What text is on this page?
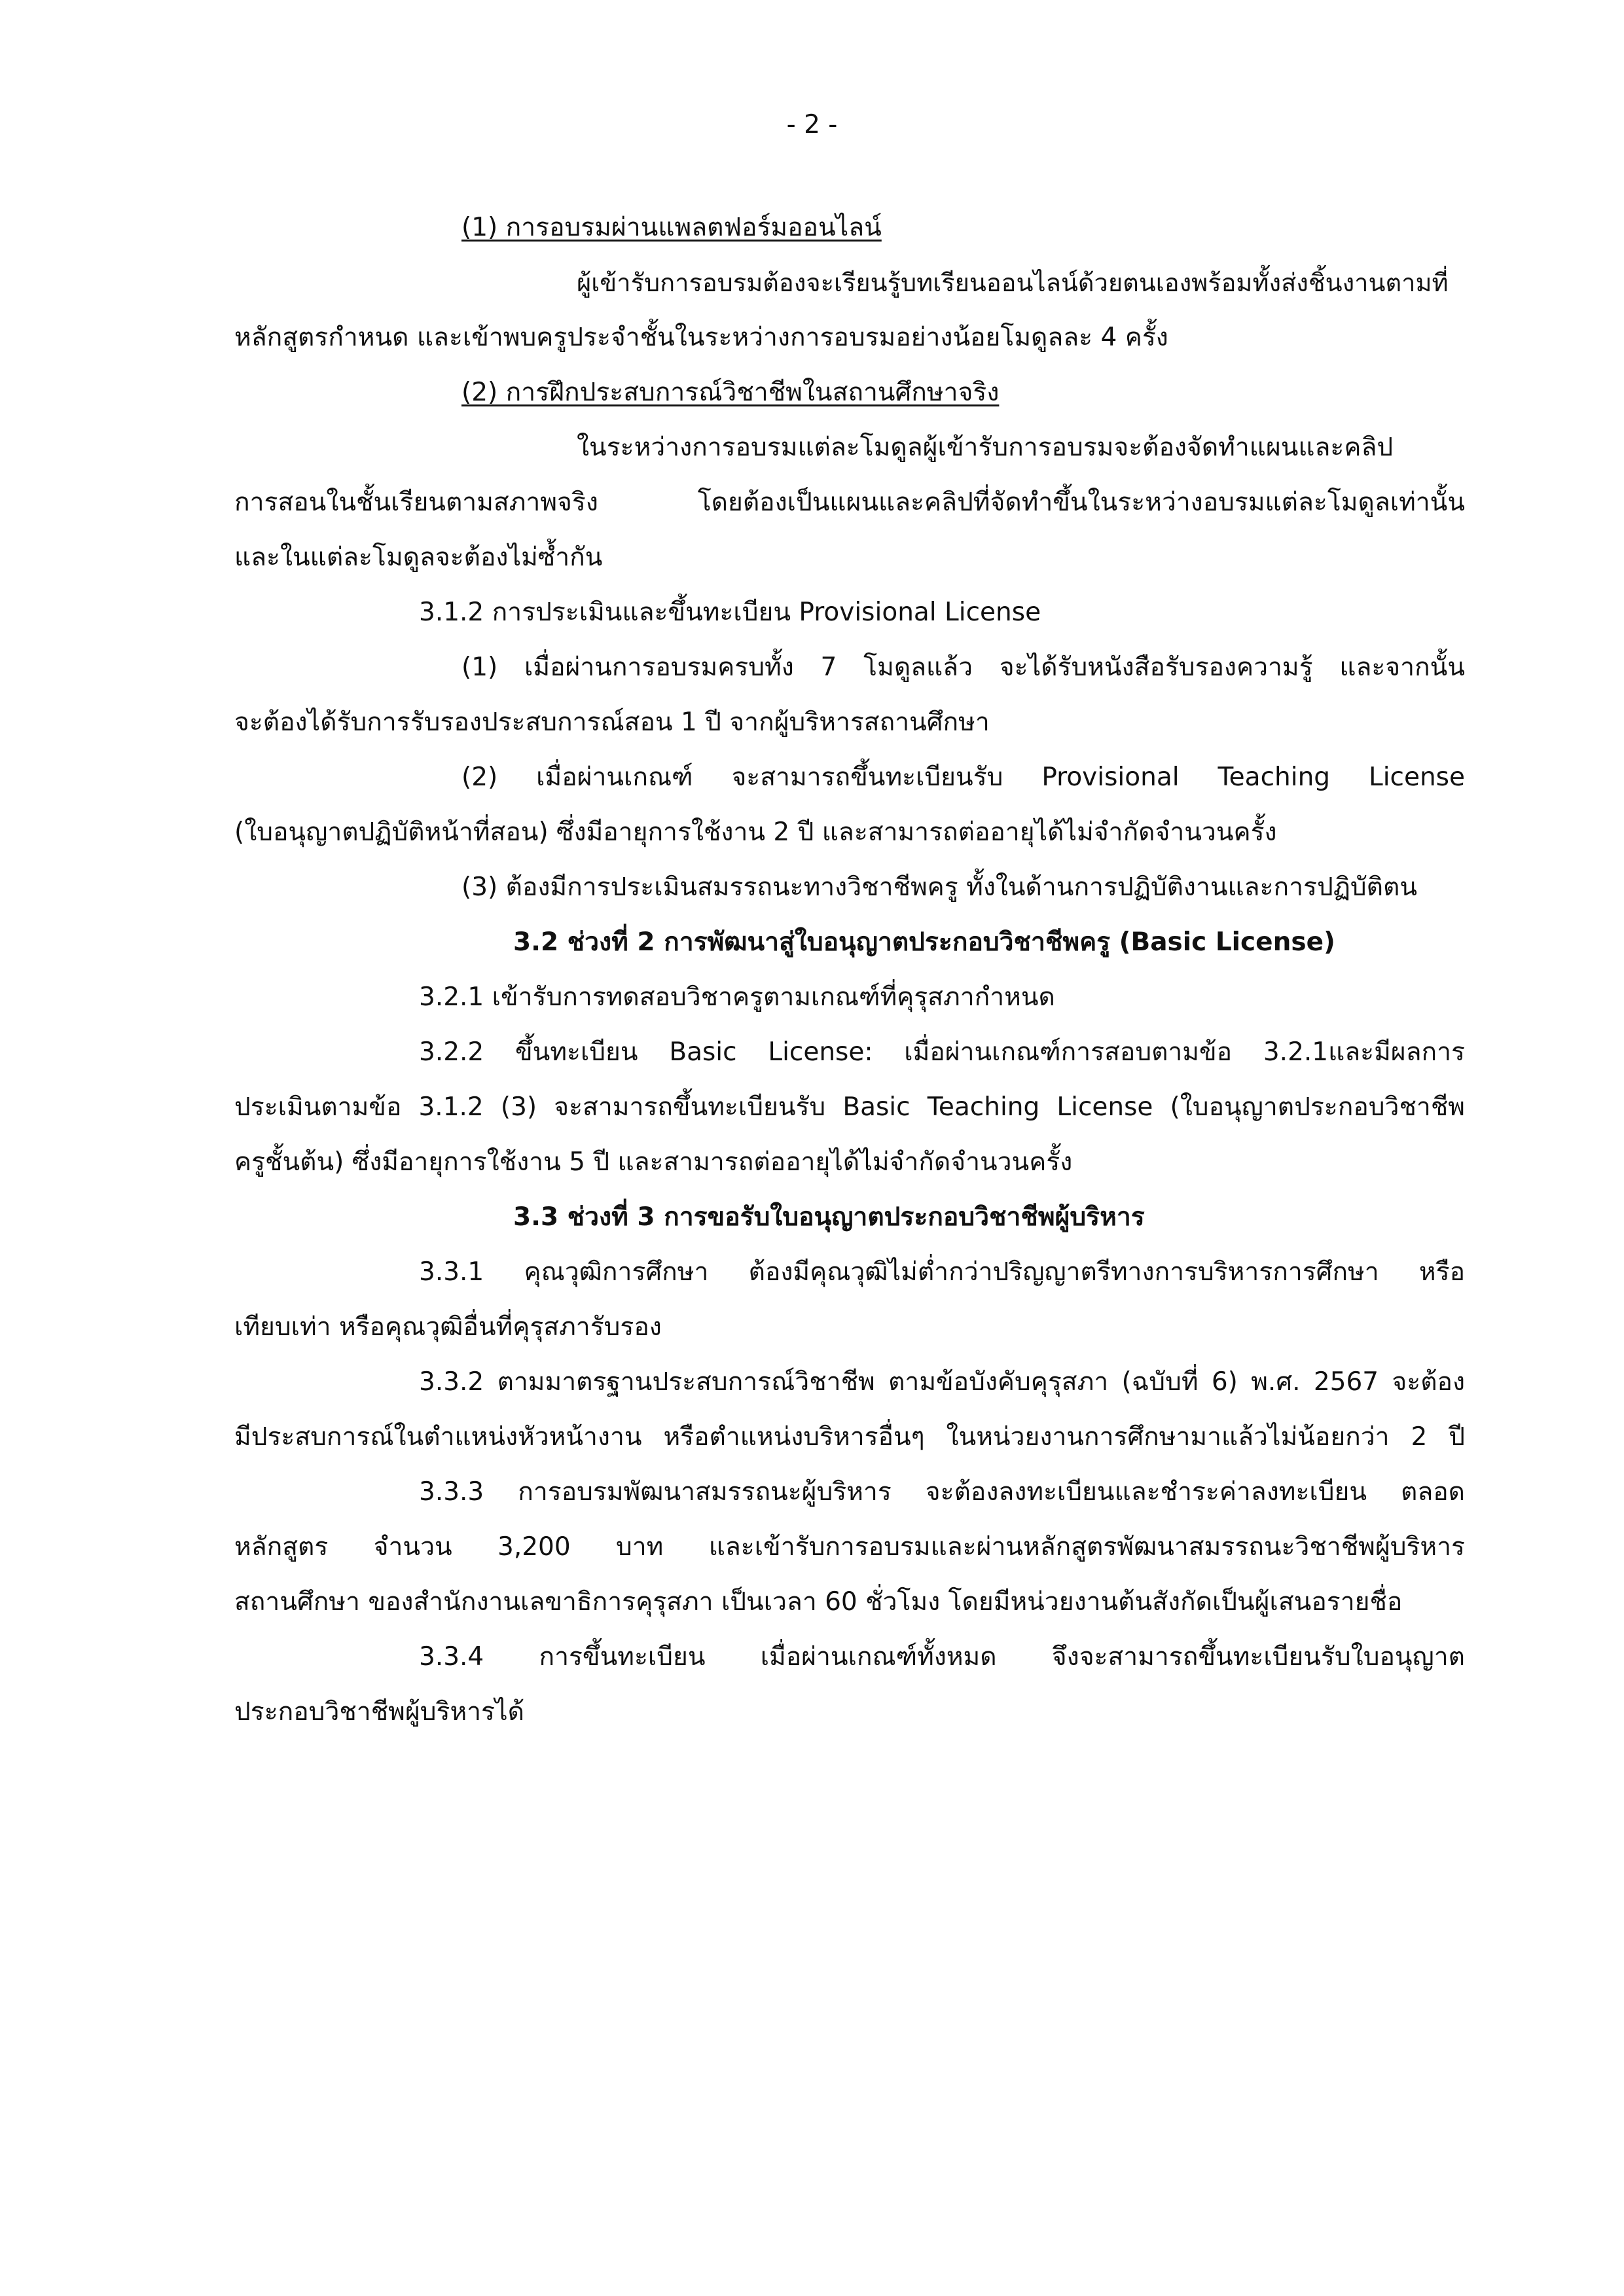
- 2 -
(1) การอบรมผ่านแพลตฟอร์มออนไลน์
ผู้เข้ารับการอบรมต้องจะเรียนรู้บทเรียนออนไลน์ด้วยตนเองพร้อมทั้งส่งชิ้นงานตามที่
หลักสูตรกำหนด และเข้าพบครูประจำชั้นในระหว่างการอบรมอย่างน้อยโมดูลละ 4 ครั้ง
(2) การฝึกประสบการณ์วิชาชีพในสถานศึกษาจริง
ในระหว่างการอบรมแต่ละโมดูลผู้เข้ารับการอบรมจะต้องจัดทำแผนและคลิป
การสอนในชั้นเรียนตามสภาพจริง โดยต้องเป็นแผนและคลิปที่จัดทำขึ้นในระหว่างอบรมแต่ละโมดูลเท่านั้น
และในแต่ละโมดูลจะต้องไม่ซ้ำกัน
3.1.2 การประเมินและขึ้นทะเบียน Provisional License
(1) เมื่อผ่านการอบรมครบทั้ง 7 โมดูลแล้ว จะได้รับหนังสือรับรองความรู้ และจากนั้น
จะต้องได้รับการรับรองประสบการณ์สอน 1 ปี จากผู้บริหารสถานศึกษา
(2) เมื่อผ่านเกณฑ์ จะสามารถขึ้นทะเบียนรับ Provisional Teaching License
(ใบอนุญาตปฏิบัติหน้าที่สอน) ซึ่งมีอายุการใช้งาน 2 ปี และสามารถต่ออายุได้ไม่จำกัดจำนวนครั้ง
(3) ต้องมีการประเมินสมรรถนะทางวิชาชีพครู ทั้งในด้านการปฏิบัติงานและการปฏิบัติตน
3.2 ช่วงที่ 2 การพัฒนาสู่ใบอนุญาตประกอบวิชาชีพครู (Basic License)
3.2.1 เข้ารับการทดสอบวิชาครูตามเกณฑ์ที่คุรุสภากำหนด
3.2.2 ขึ้นทะเบียน Basic License: เมื่อผ่านเกณฑ์การสอบตามข้อ 3.2.1และมีผลการ
ประเมินตามข้อ 3.1.2 (3) จะสามารถขึ้นทะเบียนรับ Basic Teaching License (ใบอนุญาตประกอบวิชาชีพ
ครูชั้นต้น) ซึ่งมีอายุการใช้งาน 5 ปี และสามารถต่ออายุได้ไม่จำกัดจำนวนครั้ง
3.3 ช่วงที่ 3 การขอรับใบอนุญาตประกอบวิชาชีพผู้บริหาร
3.3.1 คุณวุฒิการศึกษา ต้องมีคุณวุฒิไม่ต่ำกว่าปริญญาตรีทางการบริหารการศึกษา หรือ
เทียบเท่า หรือคุณวุฒิอื่นที่คุรุสภารับรอง
3.3.2 ตามมาตรฐานประสบการณ์วิชาชีพ ตามข้อบังคับคุรุสภา (ฉบับที่ 6) พ.ศ. 2567 จะต้อง
มีประสบการณ์ในตำแหน่งหัวหน้างาน หรือตำแหน่งบริหารอื่นๆ ในหน่วยงานการศึกษามาแล้วไม่น้อยกว่า 2 ปี
3.3.3 การอบรมพัฒนาสมรรถนะผู้บริหาร จะต้องลงทะเบียนและชำระค่าลงทะเบียน ตลอด
หลักสูตร จำนวน 3,200 บาท และเข้ารับการอบรมและผ่านหลักสูตรพัฒนาสมรรถนะวิชาชีพผู้บริหาร
สถานศึกษา ของสำนักงานเลขาธิการคุรุสภา เป็นเวลา 60 ชั่วโมง โดยมีหน่วยงานต้นสังกัดเป็นผู้เสนอรายชื่อ
3.3.4 การขึ้นทะเบียน เมื่อผ่านเกณฑ์ทั้งหมด จึงจะสามารถขึ้นทะเบียนรับใบอนุญาต
ประกอบวิชาชีพผู้บริหารได้
